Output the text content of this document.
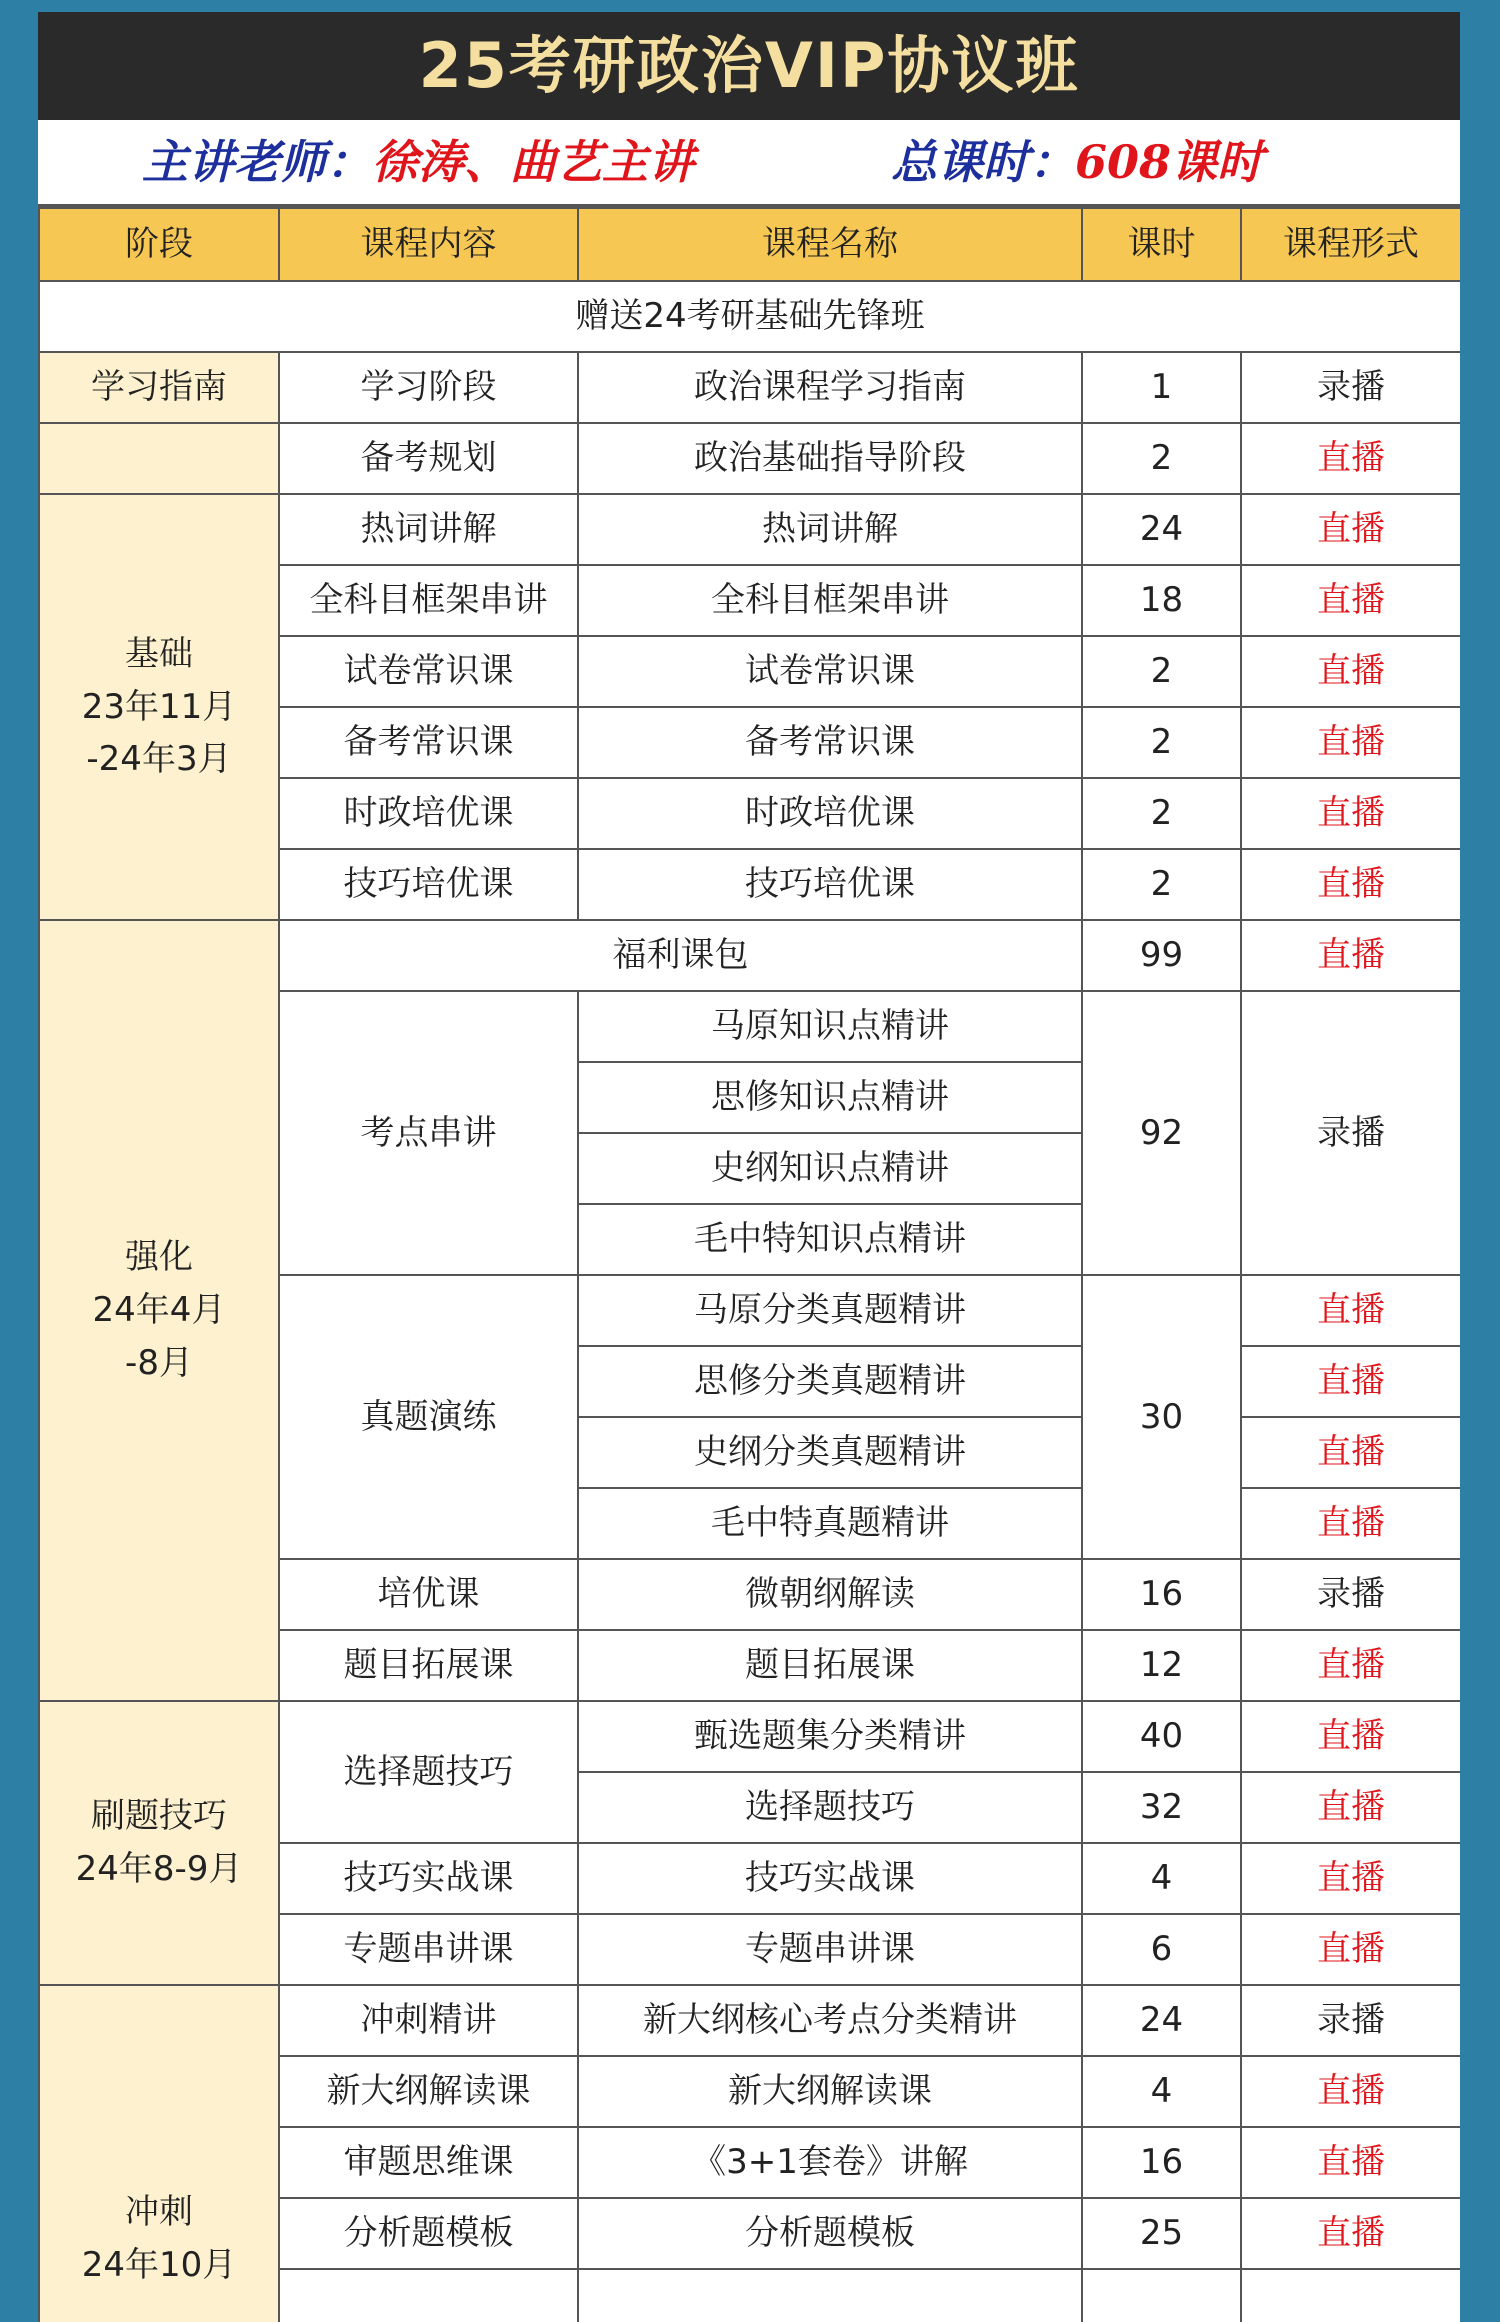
25考研政治VIP协议班
主讲老师：徐涛、曲艺主讲	总课时：608课时
阶段	课程内容	课程名称	课时	课程形式
赠送24考研基础先锋班				
学习指南	学习阶段	政治课程学习指南	1	录播
	备考规划	政治基础指导阶段	2	直播

基础
23年11月
-24年3月	热词讲解	热词讲解	24	直播
	全科目框架串讲	全科目框架串讲	18	直播
	试卷常识课	试卷常识课	2	直播
	备考常识课	备考常识课	2	直播
	时政培优课	时政培优课	2	直播
	技巧培优课	技巧培优课	2	直播

强化
24年4月
-8月	福利课包		99	直播
	考点串讲	马原知识点精讲	92	录播
		思修知识点精讲		
		史纲知识点精讲		
		毛中特知识点精讲		
	真题演练	马原分类真题精讲	30	直播
		思修分类真题精讲		直播
		史纲分类真题精讲		直播
		毛中特真题精讲		直播
	培优课	微朝纲解读	16	录播
	题目拓展课	题目拓展课	12	直播

刷题技巧
24年8-9月	选择题技巧	甄选题集分类精讲	40	直播
		选择题技巧	32	直播
	技巧实战课	技巧实战课	4	直播
	专题串讲课	专题串讲课	6	直播

冲刺
24年10月	冲刺精讲	新大纲核心考点分类精讲	24	录播
	新大纲解读课	新大纲解读课	4	直播
	审题思维课	《3+1套卷》讲解	16	直播
	分析题模板	分析题模板	25	直播
